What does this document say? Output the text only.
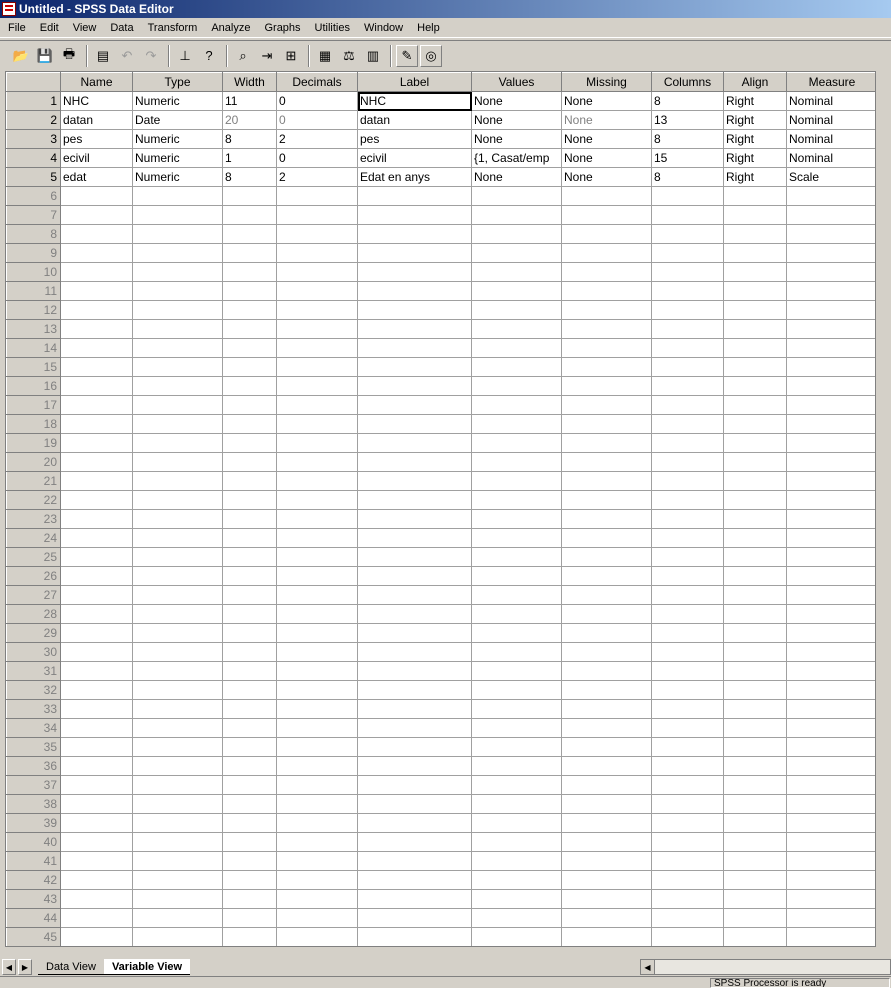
Untitled - SPSS Data Editor
File	Edit	View	Data	Transform	Analyze	Graphs	Utilities	Window	Help
📂 💾 🖶	▤ ↶	↷	⊥	?	⌕	⇥	⊞	▦ ⚖ ▥	✎ ◎
	Name	Type	Width	Decimals	Label	Values	Missing	Columns	Align	Measure
1	NHC	Numeric	11	0	NHC	None	None	8	Right	Nominal
2	datan	Date	20	0	datan	None	None	13	Right	Nominal
3	pes	Numeric	8	2	pes	None	None	8	Right	Nominal
4	ecivil	Numeric	1	0	ecivil	{1, Casat/emp	None	15	Right	Nominal
5	edat	Numeric	8	2	Edat en anys	None	None	8	Right	Scale
6										
7										
8										
9										
10										
11										
12										
13										
14										
15										
16										
17										
18										
19										
20										
21										
22										
23										
24										
25										
26										
27										
28										
29										
30										
31										
32										
33										
34										
35										
36										
37										
38										
39										
40										
41										
42										
43										
44										
45										
◀	▶	Data View	Variable View	◀
SPSS Processor is ready
